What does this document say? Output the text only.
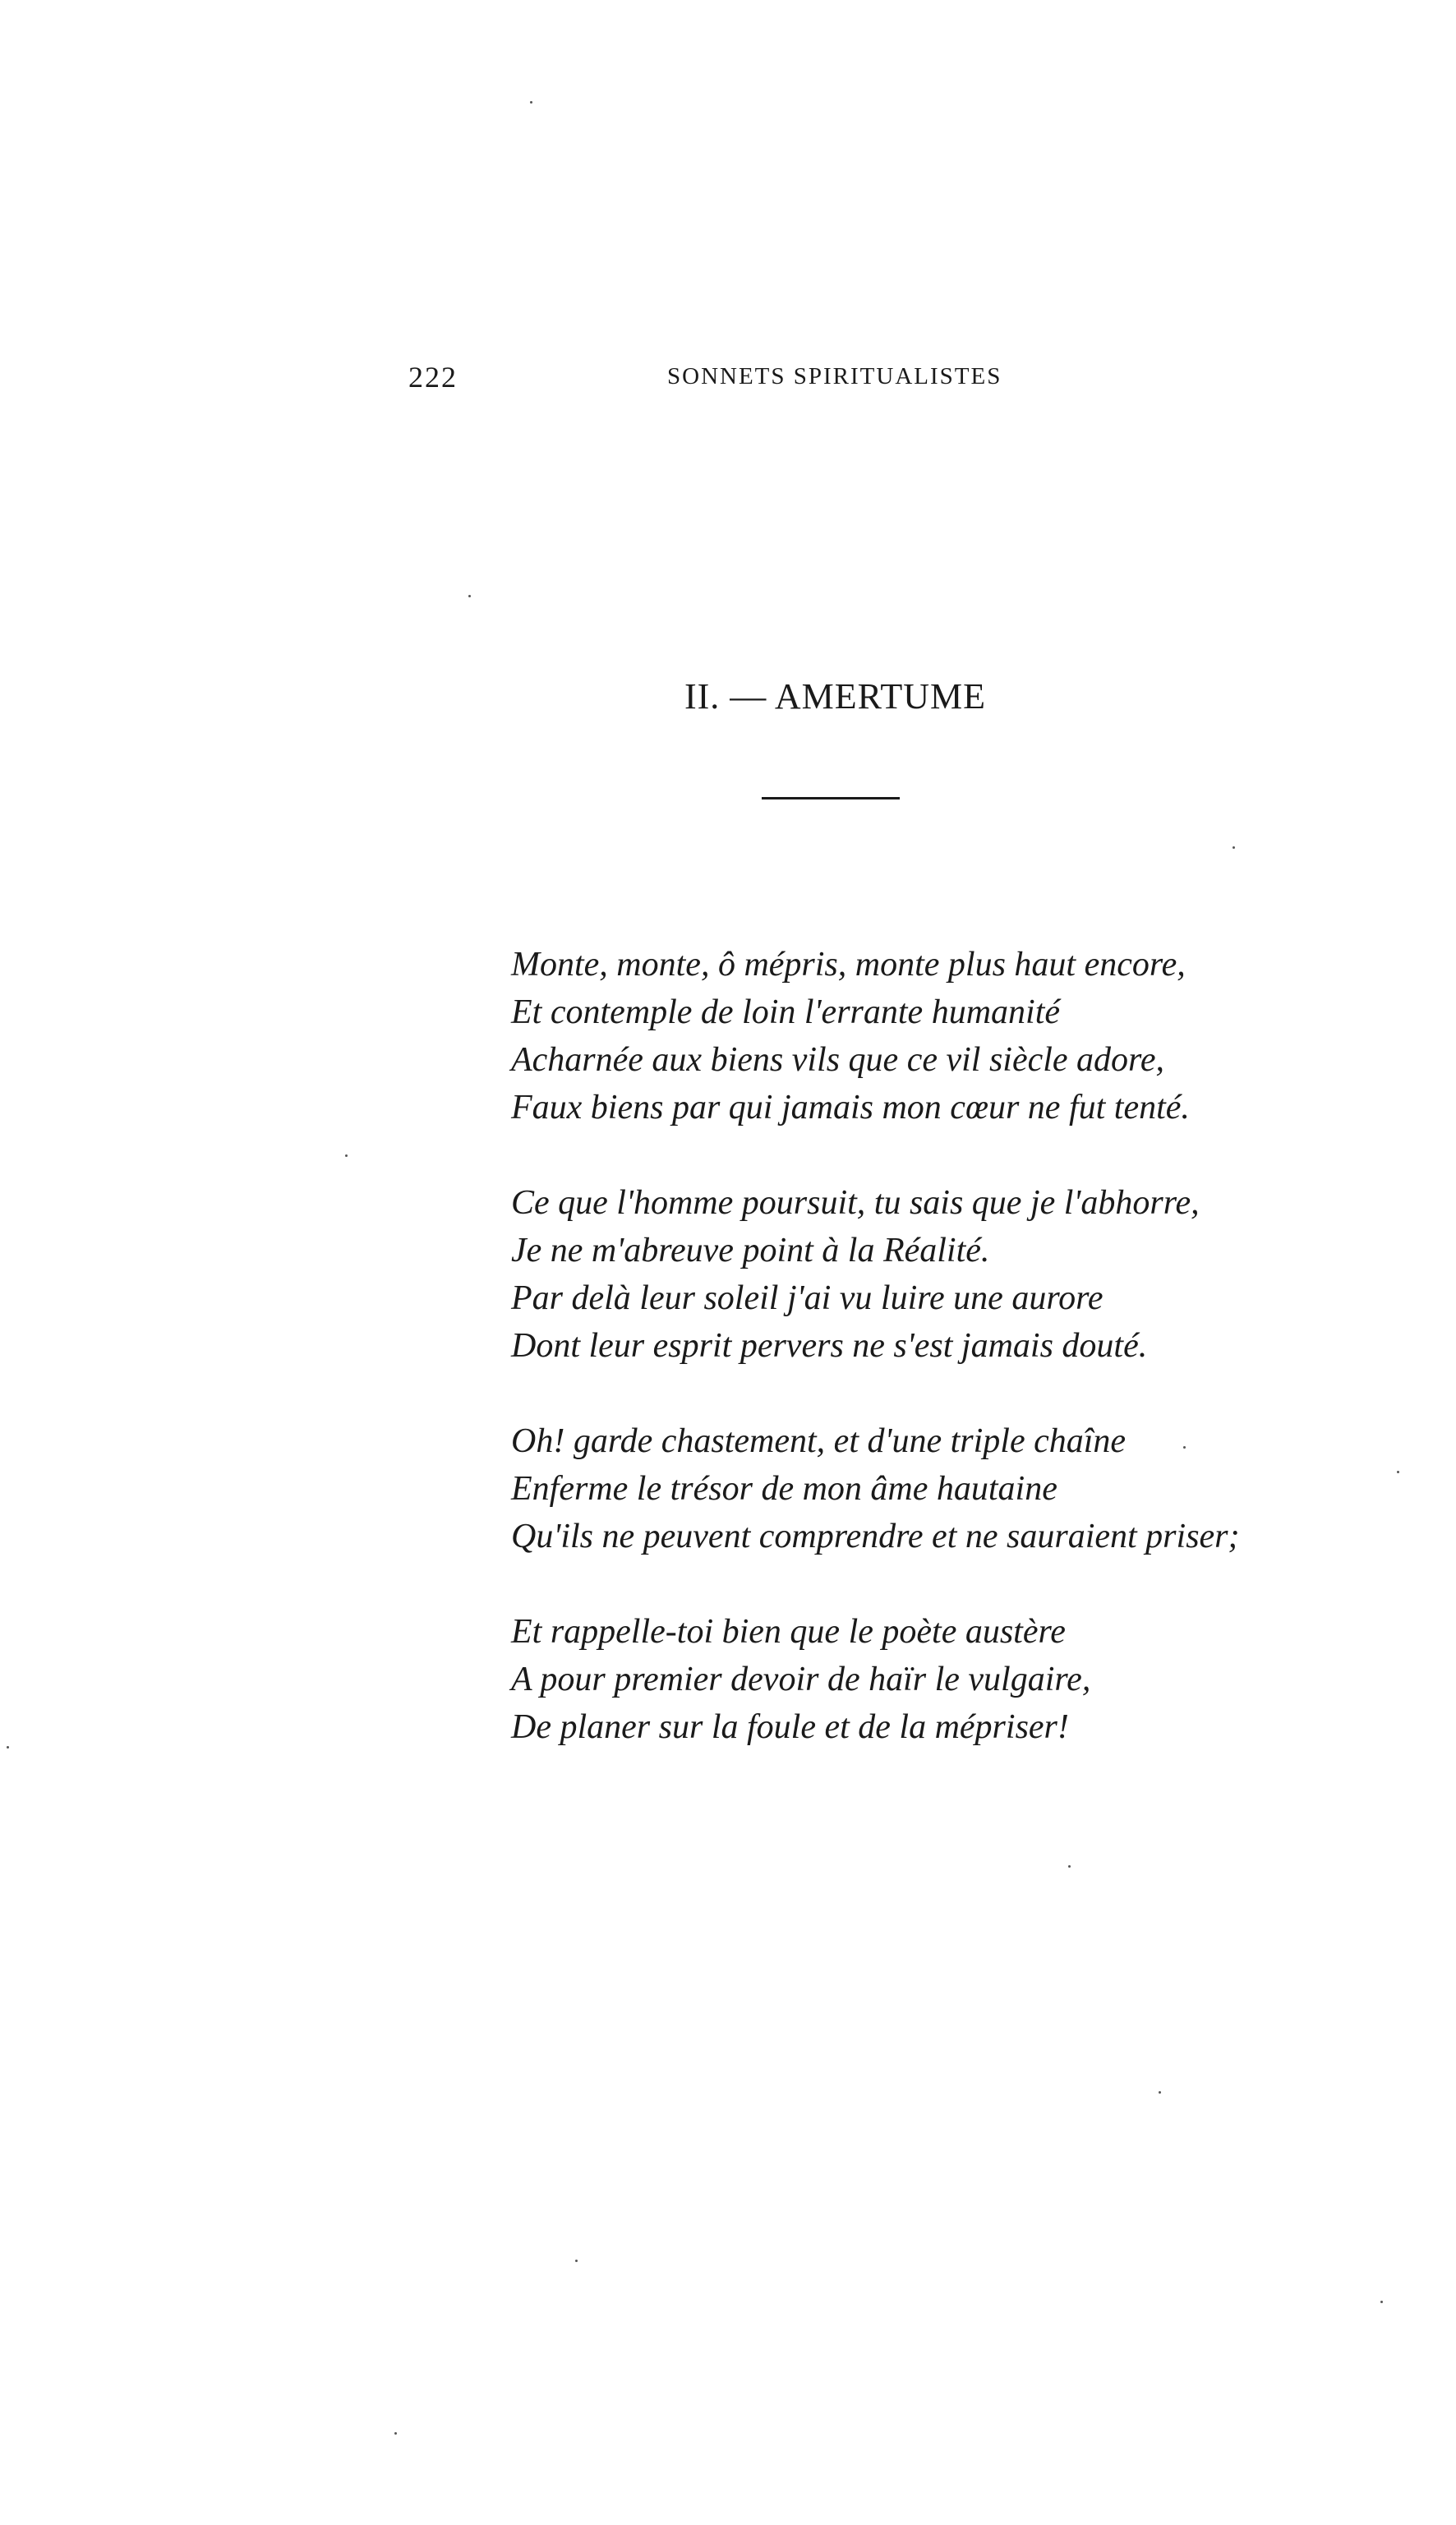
222	SONNETS SPIRITUALISTES
II. — AMERTUME
Monte, monte, ô mépris, monte plus haut encore,
Et contemple de loin l'errante humanité
Acharnée aux biens vils que ce vil siècle adore,
Faux biens par qui jamais mon cœur ne fut tenté.
Ce que l'homme poursuit, tu sais que je l'abhorre,
Je ne m'abreuve point à la Réalité.
Par delà leur soleil j'ai vu luire une aurore
Dont leur esprit pervers ne s'est jamais douté.
Oh! garde chastement, et d'une triple chaîne
Enferme le trésor de mon âme hautaine
Qu'ils ne peuvent comprendre et ne sauraient priser;
Et rappelle-toi bien que le poète austère
A pour premier devoir de haïr le vulgaire,
De planer sur la foule et de la mépriser!
